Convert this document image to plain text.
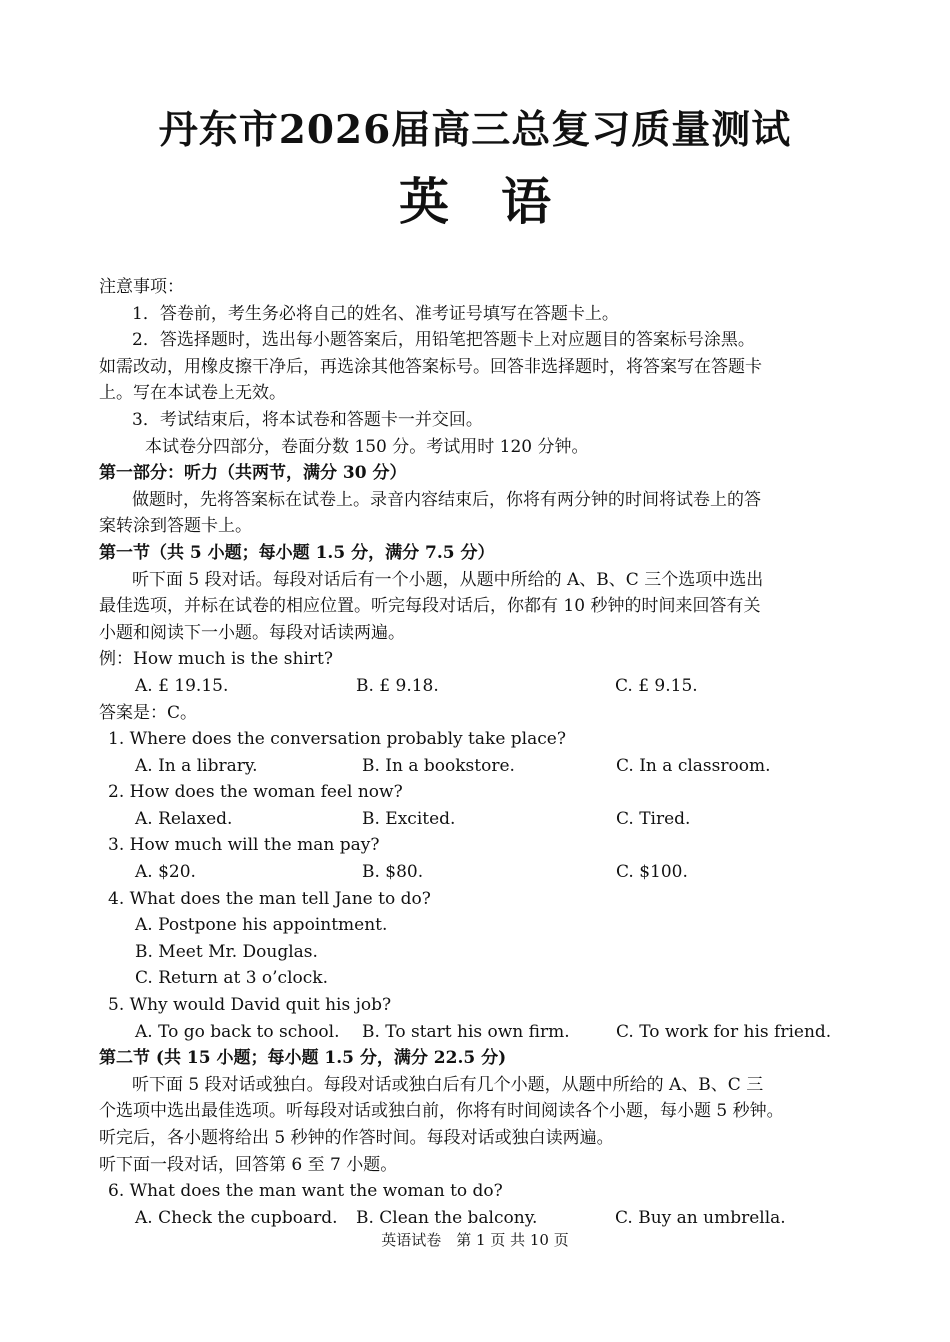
丹东市2026届高三总复习质量测试
英语
注意事项：
1．答卷前，考生务必将自己的姓名、准考证号填写在答题卡上。
2．答选择题时，选出每小题答案后，用铅笔把答题卡上对应题目的答案标号涂黑。
如需改动，用橡皮擦干净后，再选涂其他答案标号。回答非选择题时，将答案写在答题卡
上。写在本试卷上无效。
3．考试结束后，将本试卷和答题卡一并交回。
本试卷分四部分，卷面分数 150 分。考试用时 120 分钟。
第一部分：听力（共两节，满分 30 分）
做题时，先将答案标在试卷上。录音内容结束后，你将有两分钟的时间将试卷上的答
案转涂到答题卡上。
第一节（共 5 小题；每小题 1.5 分，满分 7.5 分）
听下面 5 段对话。每段对话后有一个小题，从题中所给的 A、B、C 三个选项中选出
最佳选项，并标在试卷的相应位置。听完每段对话后，你都有 10 秒钟的时间来回答有关
小题和阅读下一小题。每段对话读两遍。
例：How much is the shirt?
A. £ 19.15.	B. £ 9.18.	C. £ 9.15.
答案是：C。
1. Where does the conversation probably take place?
A. In a library.	B. In a bookstore.	C. In a classroom.
2. How does the woman feel now?
A. Relaxed.	B. Excited.	C. Tired.
3. How much will the man pay?
A. $20.	B. $80.	C. $100.
4. What does the man tell Jane to do?
A. Postpone his appointment.
B. Meet Mr. Douglas.
C. Return at 3 o’clock.
5. Why would David quit his job?
A. To go back to school. B. To start his own firm.	C. To work for his friend.
第二节 (共 15 小题；每小题 1.5 分，满分 22.5 分)
听下面 5 段对话或独白。每段对话或独白后有几个小题，从题中所给的 A、B、C 三
个选项中选出最佳选项。听每段对话或独白前，你将有时间阅读各个小题，每小题 5 秒钟。
听完后，各小题将给出 5 秒钟的作答时间。每段对话或独白读两遍。
听下面一段对话，回答第 6 至 7 小题。
6. What does the man want the woman to do?
A. Check the cupboard. B. Clean the balcony.	C. Buy an umbrella.
英语试卷　第 1 页 共 10 页
